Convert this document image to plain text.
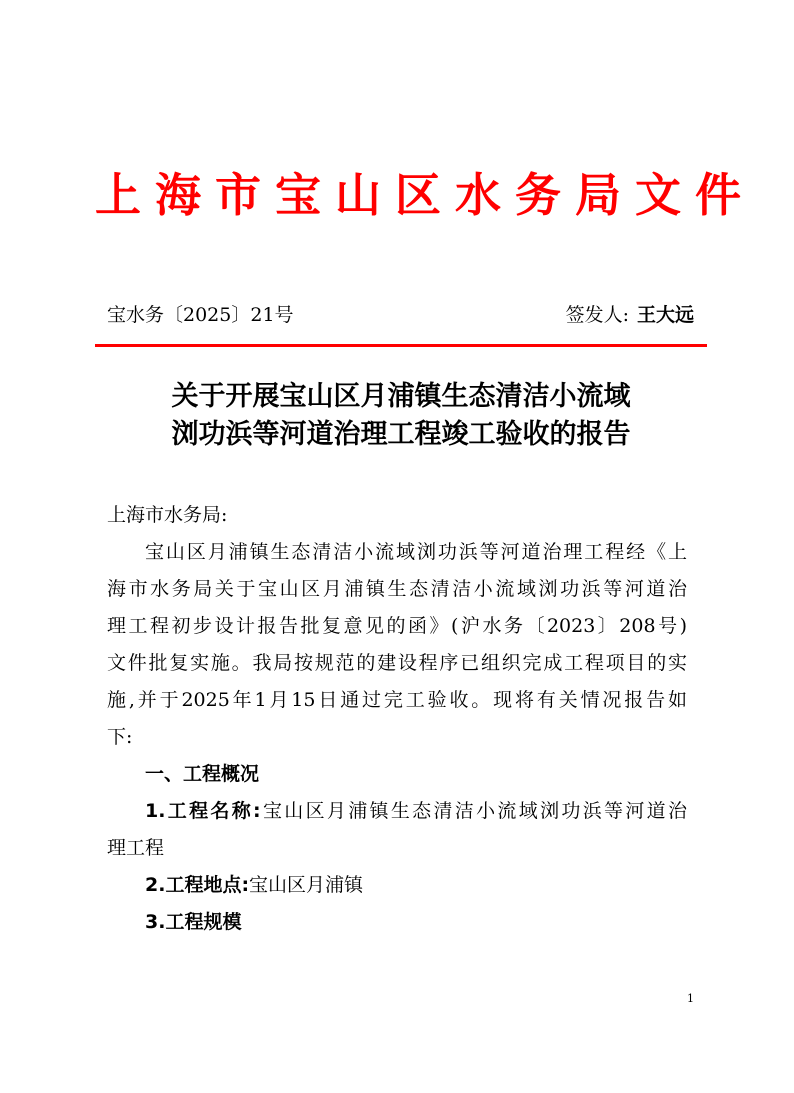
上海市宝山区水务局文件
宝水务〔2025〕21号	签发人: 王大远
关于开展宝山区月浦镇生态清洁小流域
浏功浜等河道治理工程竣工验收的报告

上海市水务局:

宝山区月浦镇生态清洁小流域浏功浜等河道治理工程经《上
海市水务局关于宝山区月浦镇生态清洁小流域浏功浜等河道治
理工程初步设计报告批复意见的函》(沪水务〔2023〕208号)
文件批复实施。我局按规范的建设程序已组织完成工程项目的实
施,并于2025年1月15日通过完工验收。现将有关情况报告如
下:

一、工程概况

1.工程名称:宝山区月浦镇生态清洁小流域浏功浜等河道治
理工程

2.工程地点:宝山区月浦镇

3.工程规模

1
